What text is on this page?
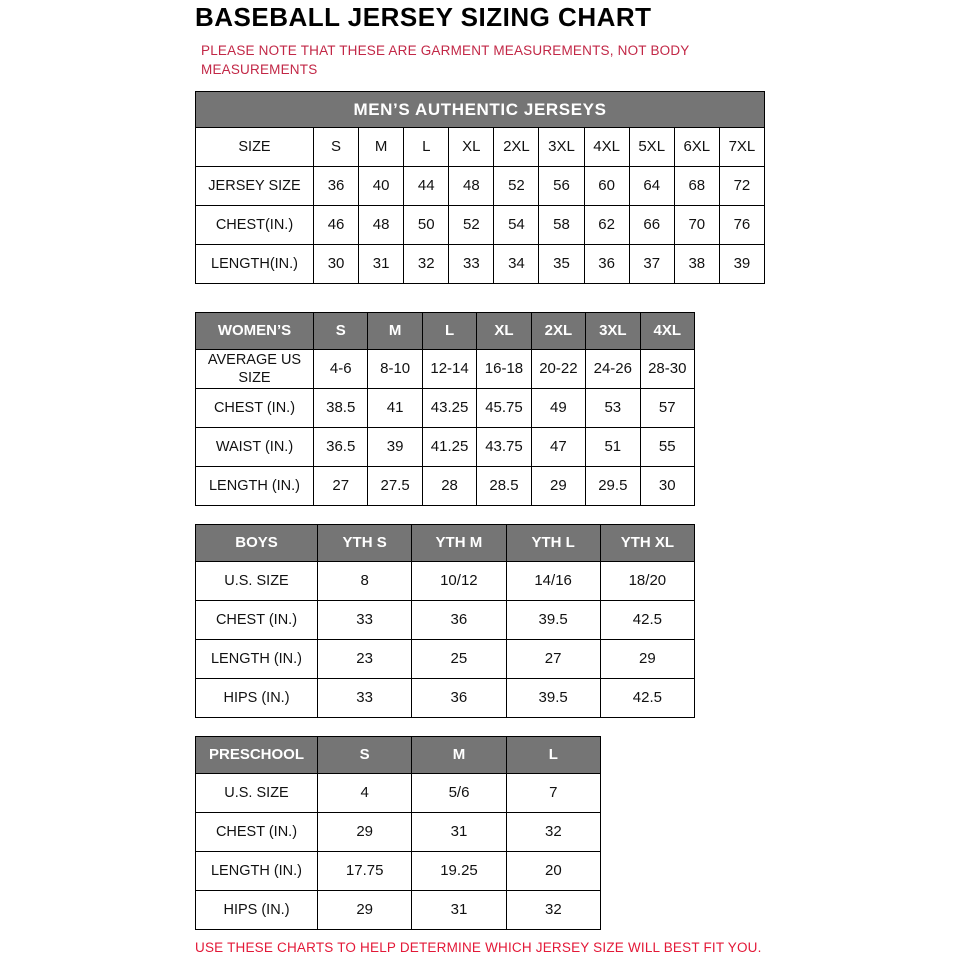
BASEBALL JERSEY SIZING CHART

PLEASE NOTE THAT THESE ARE GARMENT MEASUREMENTS, NOT BODY MEASUREMENTS

MEN’S AUTHENTIC JERSEYS										
SIZE	S	M	L	XL	2XL	3XL	4XL	5XL	6XL	7XL
JERSEY SIZE	36	40	44	48	52	56	60	64	68	72
CHEST(IN.)	46	48	50	52	54	58	62	66	70	76
LENGTH(IN.)	30	31	32	33	34	35	36	37	38	39
WOMEN’S	S	M	L	XL	2XL	3XL	4XL
AVERAGE US SIZE	4-6	8-10	12-14	16-18	20-22	24-26	28-30
CHEST (IN.)	38.5	41	43.25	45.75	49	53	57
WAIST (IN.)	36.5	39	41.25	43.75	47	51	55
LENGTH (IN.)	27	27.5	28	28.5	29	29.5	30
BOYS	YTH S	YTH M	YTH L	YTH XL
U.S. SIZE	8	10/12	14/16	18/20
CHEST (IN.)	33	36	39.5	42.5
LENGTH (IN.)	23	25	27	29
HIPS (IN.)	33	36	39.5	42.5
PRESCHOOL	S	M	L
U.S. SIZE	4	5/6	7
CHEST (IN.)	29	31	32
LENGTH (IN.)	17.75	19.25	20
HIPS (IN.)	29	31	32

USE THESE CHARTS TO HELP DETERMINE WHICH JERSEY SIZE WILL BEST FIT YOU.
